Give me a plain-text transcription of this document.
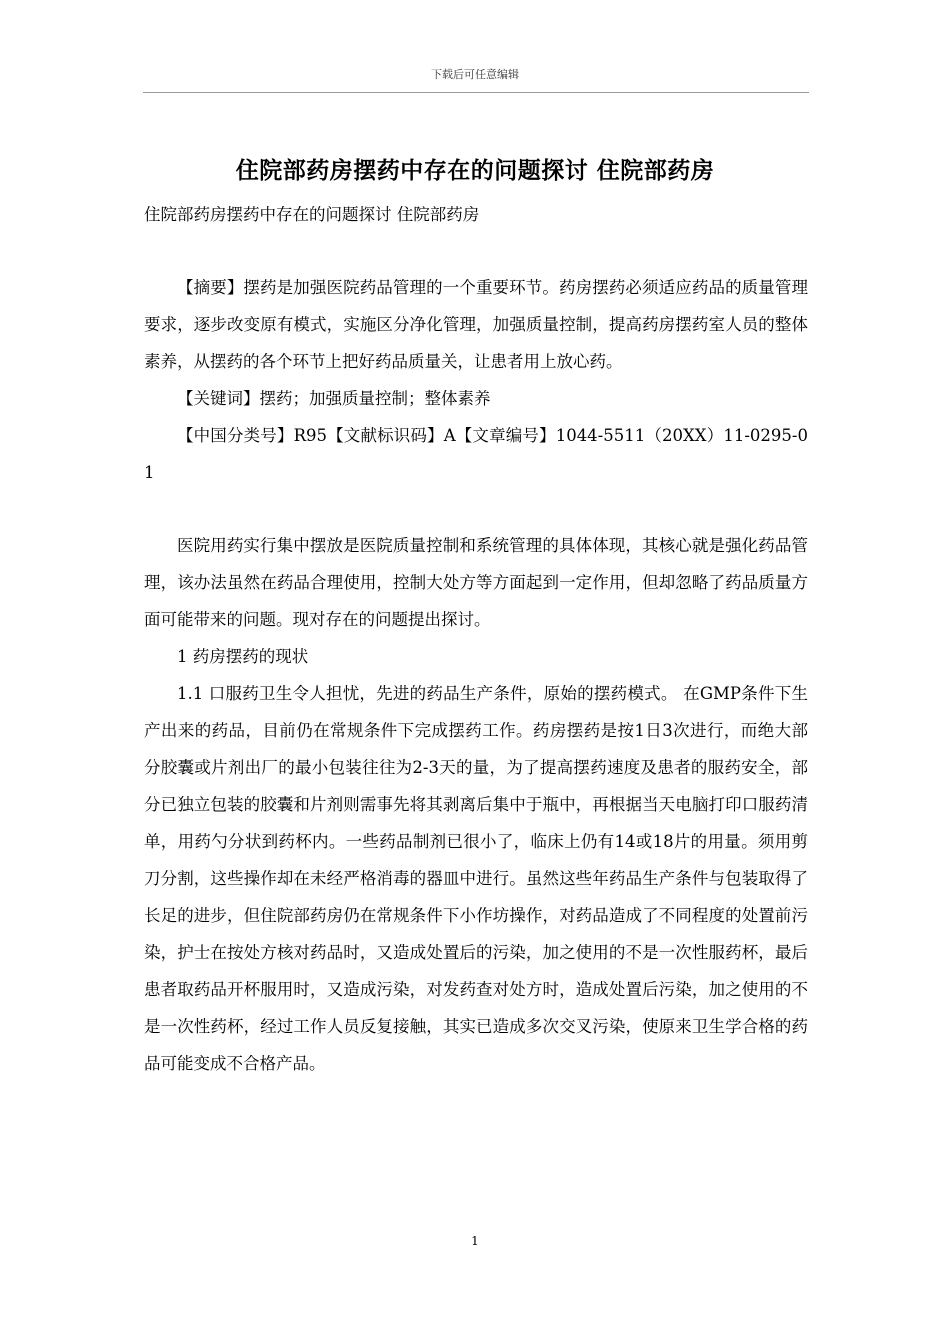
下载后可任意编辑
住院部药房摆药中存在的问题探讨 住院部药房

住院部药房摆药中存在的问题探讨 住院部药房

【摘要】摆药是加强医院药品管理的一个重要环节。药房摆药必须适应药品的质量管理要求，逐步改变原有模式，实施区分净化管理，加强质量控制，提高药房摆药室人员的整体素养，从摆药的各个环节上把好药品质量关，让患者用上放心药。

【关键词】摆药；加强质量控制；整体素养

【中国分类号】R95【文献标识码】A【文章编号】1044-5511（20XX）11-0295-01

医院用药实行集中摆放是医院质量控制和系统管理的具体体现，其核心就是强化药品管理，该办法虽然在药品合理使用，控制大处方等方面起到一定作用，但却忽略了药品质量方面可能带来的问题。现对存在的问题提出探讨。

1 药房摆药的现状

1.1 口服药卫生令人担忧，先进的药品生产条件，原始的摆药模式。 在GMP条件下生产出来的药品，目前仍在常规条件下完成摆药工作。药房摆药是按1日3次进行，而绝大部分胶囊或片剂出厂的最小包装往往为2-3天的量，为了提高摆药速度及患者的服药安全，部分已独立包装的胶囊和片剂则需事先将其剥离后集中于瓶中，再根据当天电脑打印口服药清单，用药勺分状到药杯内。一些药品制剂已很小了，临床上仍有14或18片的用量。须用剪刀分割，这些操作却在未经严格消毒的器皿中进行。虽然这些年药品生产条件与包装取得了长足的进步，但住院部药房仍在常规条件下小作坊操作，对药品造成了不同程度的处置前污染，护士在按处方核对药品时，又造成处置后的污染，加之使用的不是一次性服药杯，最后患者取药品开杯服用时，又造成污染，对发药查对处方时，造成处置后污染，加之使用的不是一次性药杯，经过工作人员反复接触，其实已造成多次交叉污染，使原来卫生学合格的药品可能变成不合格产品。

1
